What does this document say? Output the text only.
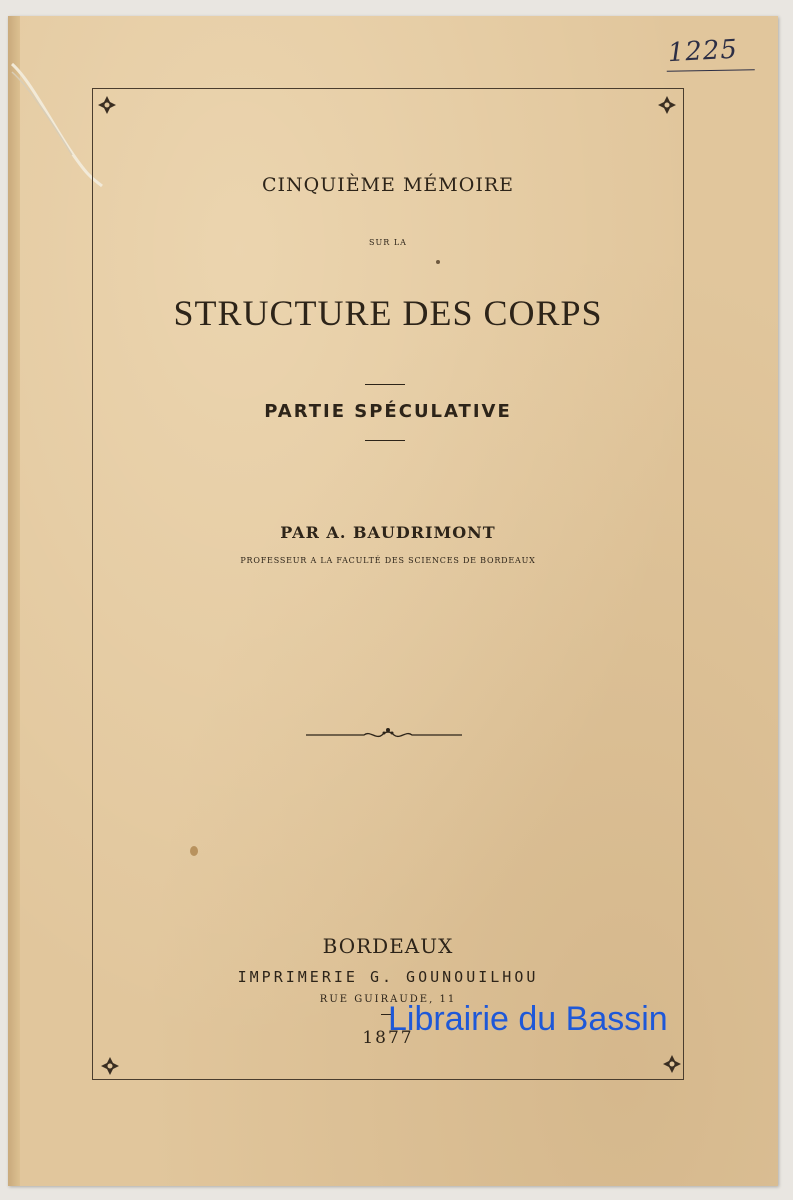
1225
CINQUIÈME MÉMOIRE
SUR LA
STRUCTURE DES CORPS
PARTIE SPÉCULATIVE
PAR A. BAUDRIMONT
PROFESSEUR A LA FACULTÉ DES SCIENCES DE BORDEAUX
BORDEAUX
IMPRIMERIE G. GOUNOUILHOU
RUE GUIRAUDE, 11
1877
Librairie du Bassin
